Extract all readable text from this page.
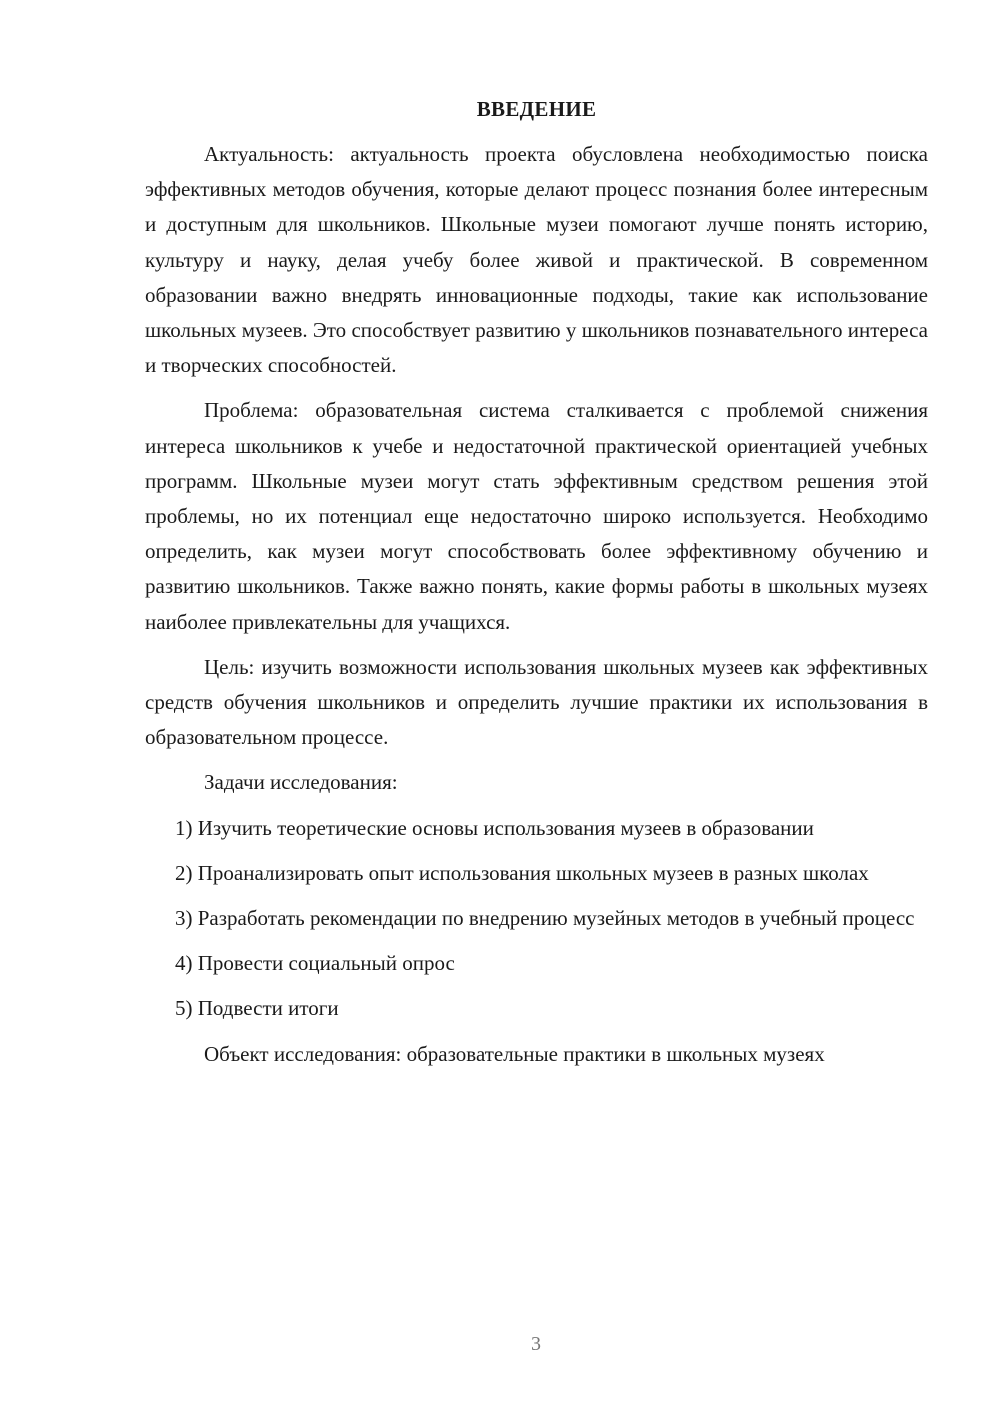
ВВЕДЕНИЕ

Актуальность: актуальность проекта обусловлена необходимостью поиска эффективных методов обучения, которые делают процесс познания более интересным и доступным для школьников. Школьные музеи помогают лучше понять историю, культуру и науку, делая учебу более живой и практической. В современном образовании важно внедрять инновационные подходы, такие как использование школьных музеев. Это способствует развитию у школьников познавательного интереса и творческих способностей.

Проблема: образовательная система сталкивается с проблемой снижения интереса школьников к учебе и недостаточной практической ориентацией учебных программ. Школьные музеи могут стать эффективным средством решения этой проблемы, но их потенциал еще недостаточно широко используется. Необходимо определить, как музеи могут способствовать более эффективному обучению и развитию школьников. Также важно понять, какие формы работы в школьных музеях наиболее привлекательны для учащихся.

Цель: изучить возможности использования школьных музеев как эффективных средств обучения школьников и определить лучшие практики их использования в образовательном процессе.

Задачи исследования:

1) Изучить теоретические основы использования музеев в образовании

2) Проанализировать опыт использования школьных музеев в разных школах

3) Разработать рекомендации по внедрению музейных методов в учебный процесс

4) Провести социальный опрос

5) Подвести итоги

Объект исследования: образовательные практики в школьных музеях

3
